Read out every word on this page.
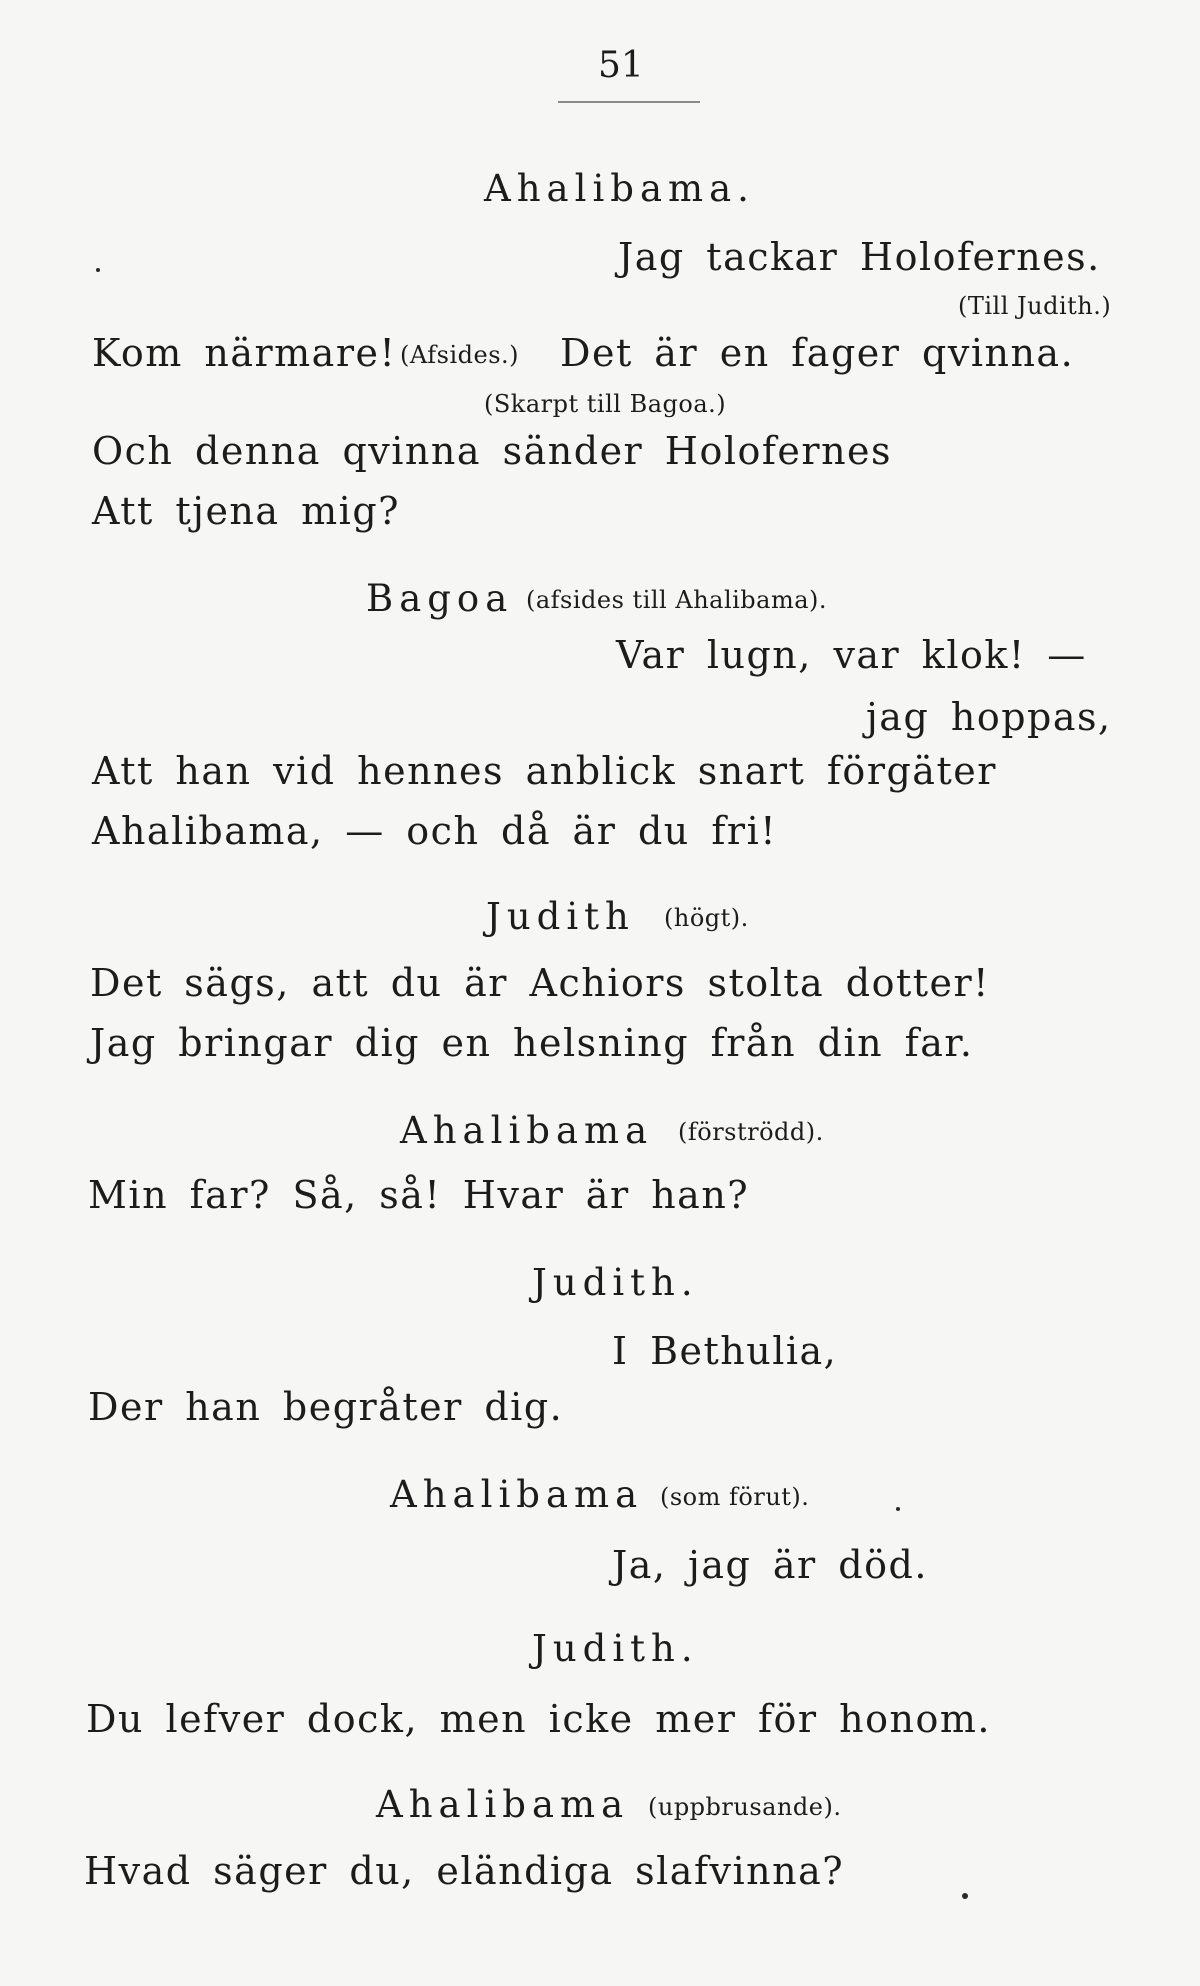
51
Ahalibama.
Jag tackar Holofernes.
(Till Judith.)
Kom närmare! (Afsides.) Det är en fager qvinna.
(Skarpt till Bagoa.)
Och denna qvinna sänder Holofernes
Att tjena mig?
Bagoa (afsides till Ahalibama).
Var lugn, var klok! —
jag hoppas,
Att han vid hennes anblick snart förgäter
Ahalibama, — och då är du fri!
Judith (högt).
Det sägs, att du är Achiors stolta dotter!
Jag bringar dig en helsning från din far.
Ahalibama (förströdd).
Min far? Så, så! Hvar är han?
Judith.
I Bethulia,
Der han begråter dig.
Ahalibama (som förut).
Ja, jag är död.
Judith.
Du lefver dock, men icke mer för honom.
Ahalibama (uppbrusande).
Hvad säger du, eländiga slafvinna?
